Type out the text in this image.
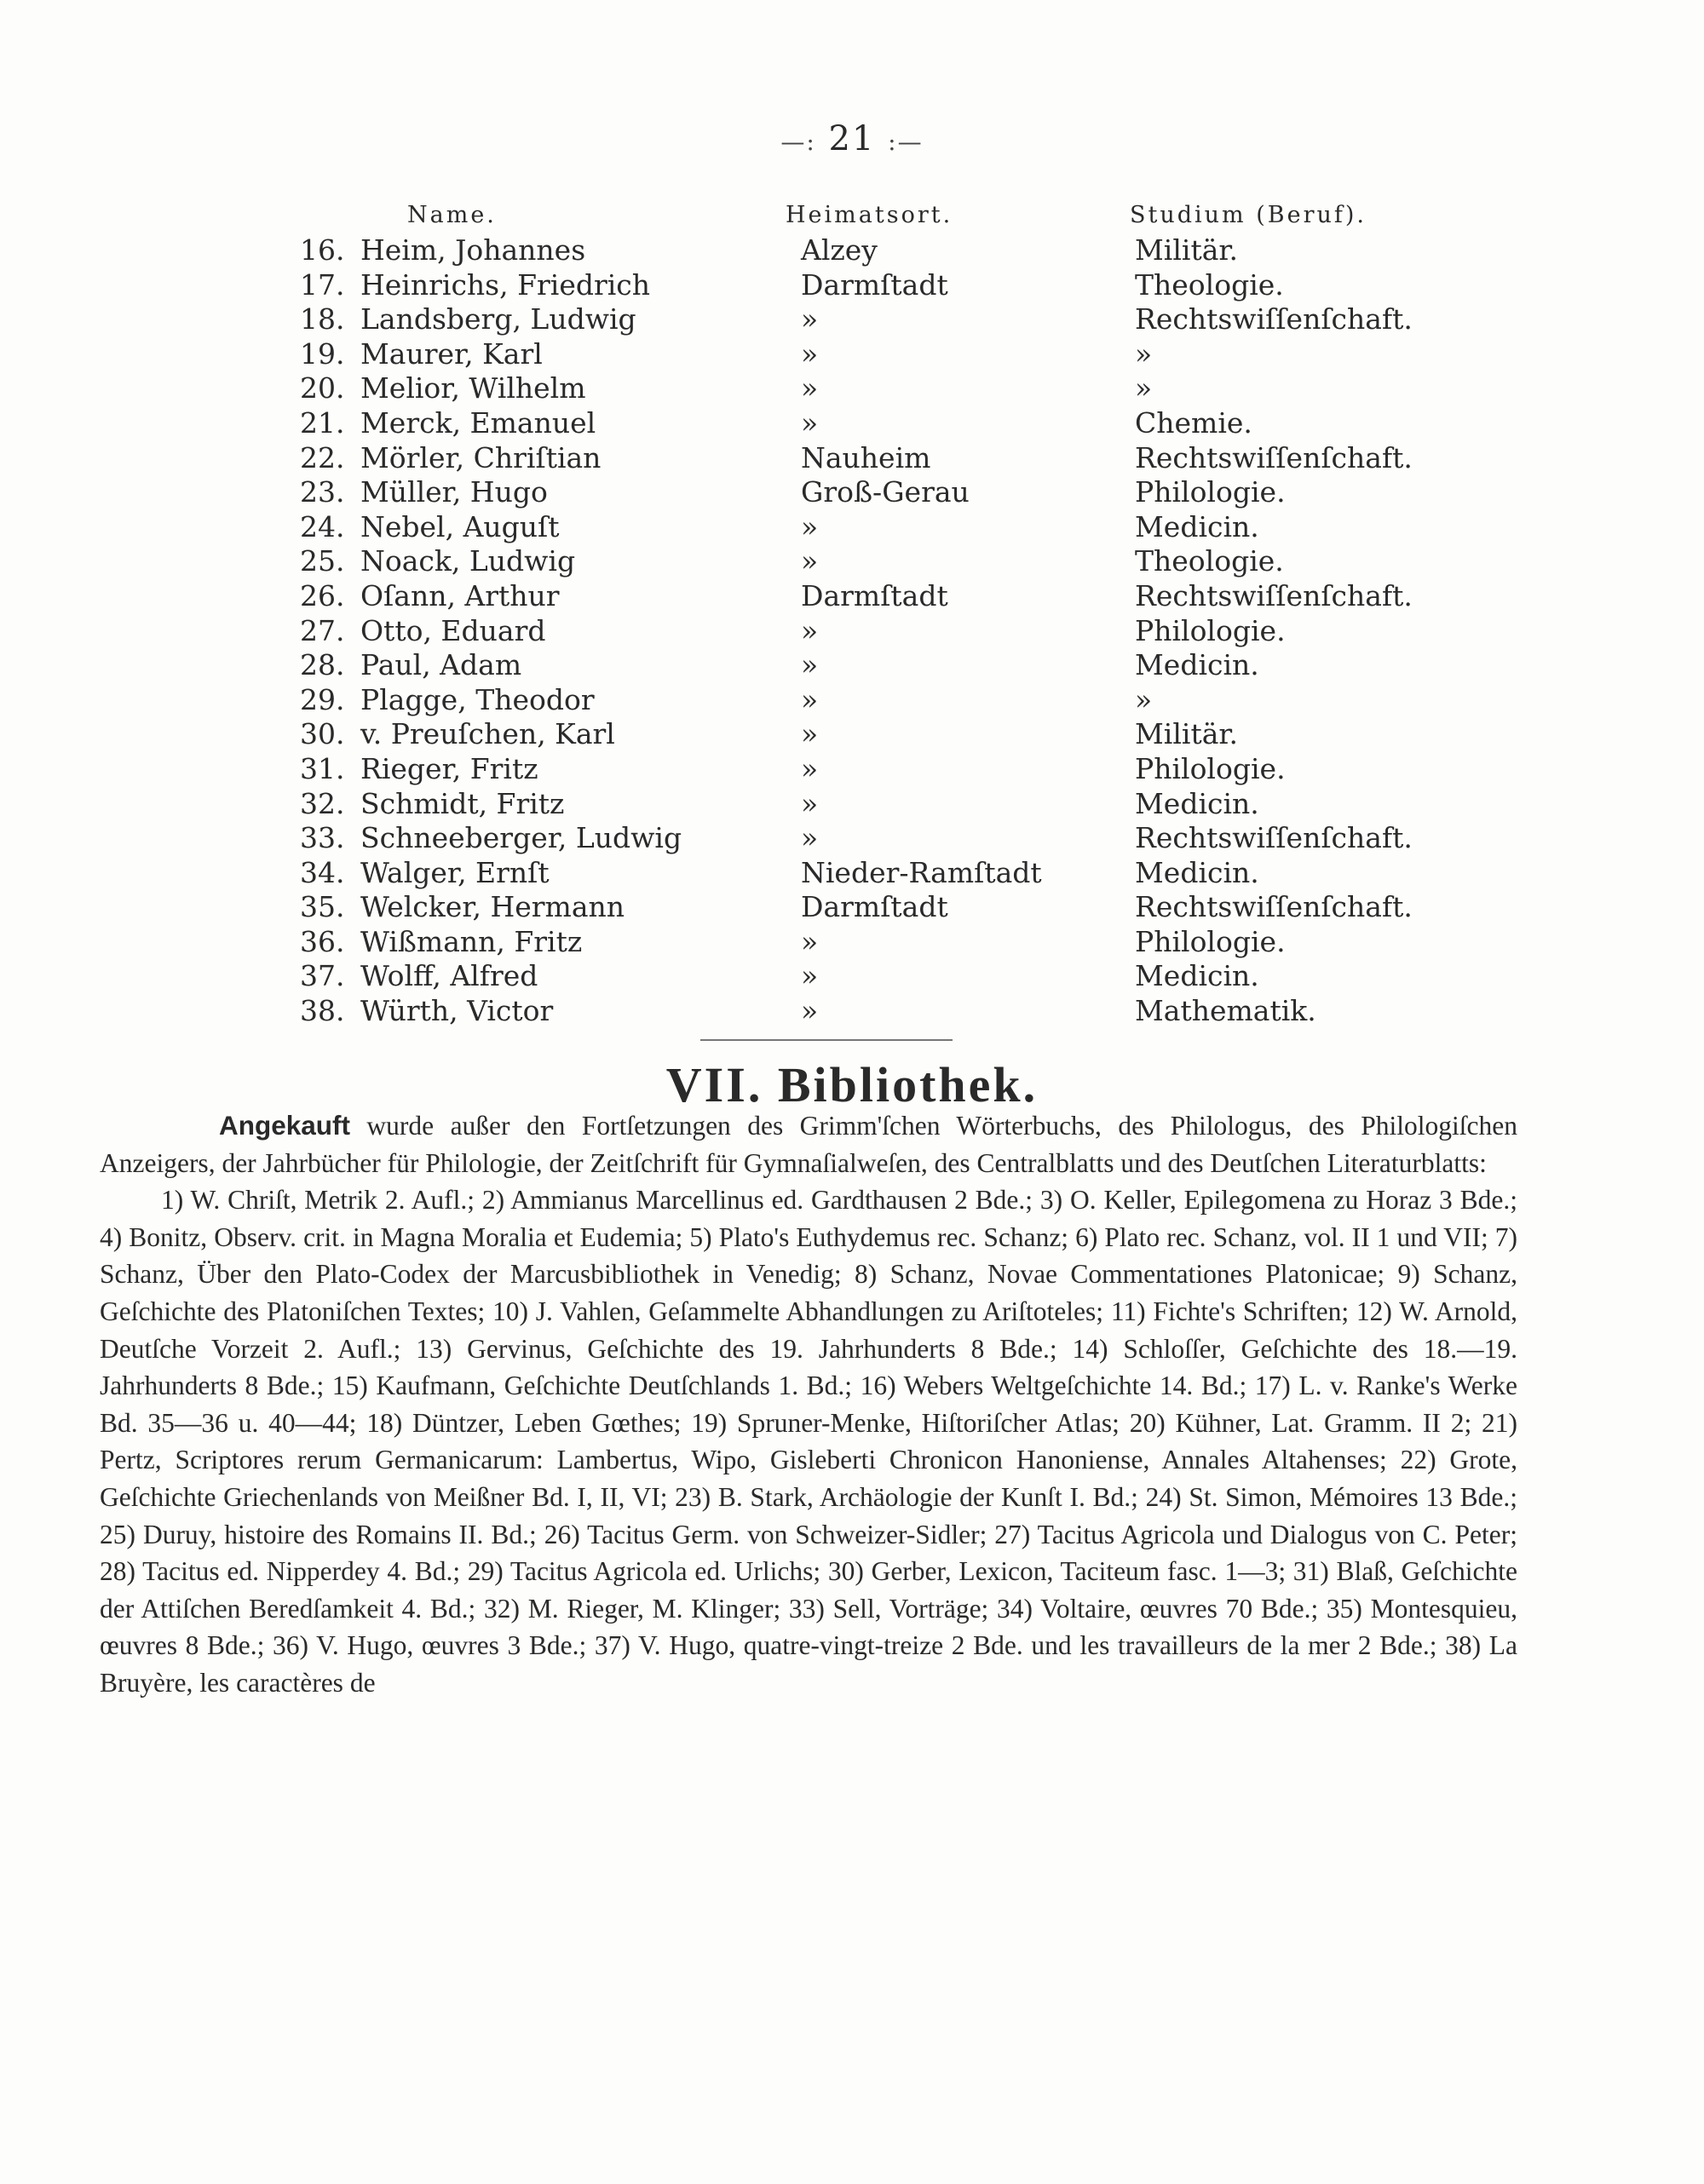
—: 21 :—
Name.	Heimatsort.	Studium (Beruf).
16. Heim, Johannes	Alzey	Militär.
17. Heinrichs, Friedrich	Darmſtadt	Theologie.
18. Landsberg, Ludwig	»	Rechtswiſſenſchaft.
19. Maurer, Karl	»	»
20. Melior, Wilhelm	»	»
21. Merck, Emanuel	»	Chemie.
22. Mörler, Chriſtian	Nauheim	Rechtswiſſenſchaft.
23. Müller, Hugo	Groß-Gerau	Philologie.
24. Nebel, Auguſt	»	Medicin.
25. Noack, Ludwig	»	Theologie.
26. Oſann, Arthur	Darmſtadt	Rechtswiſſenſchaft.
27. Otto, Eduard	»	Philologie.
28. Paul, Adam	»	Medicin.
29. Plagge, Theodor	»	»
30. v. Preuſchen, Karl	»	Militär.
31. Rieger, Fritz	»	Philologie.
32. Schmidt, Fritz	»	Medicin.
33. Schneeberger, Ludwig	»	Rechtswiſſenſchaft.
34. Walger, Ernſt	Nieder-Ramſtadt	Medicin.
35. Welcker, Hermann	Darmſtadt	Rechtswiſſenſchaft.
36. Wißmann, Fritz	»	Philologie.
37. Wolff, Alfred	»	Medicin.
38. Würth, Victor	»	Mathematik.
VII. Bibliothek.

Angekauft wurde außer den Fortſetzungen des Grimm'ſchen Wörterbuchs, des Philologus, des Philologiſchen Anzeigers, der Jahrbücher für Philologie, der Zeitſchrift für Gymnaſialweſen, des Centralblatts und des Deutſchen Literaturblatts:

1) W. Chriſt, Metrik 2. Aufl.; 2) Ammianus Marcellinus ed. Gardthausen 2 Bde.; 3) O. Keller, Epilegomena zu Horaz 3 Bde.; 4) Bonitz, Observ. crit. in Magna Moralia et Eudemia; 5) Plato's Euthydemus rec. Schanz; 6) Plato rec. Schanz, vol. II 1 und VII; 7) Schanz, Über den Plato-Codex der Marcusbibliothek in Venedig; 8) Schanz, Novae Commentationes Platonicae; 9) Schanz, Geſchichte des Platoniſchen Textes; 10) J. Vahlen, Geſammelte Abhandlungen zu Ariſtoteles; 11) Fichte's Schriften; 12) W. Arnold, Deutſche Vorzeit 2. Aufl.; 13) Gervinus, Geſchichte des 19. Jahrhunderts 8 Bde.; 14) Schloſſer, Geſchichte des 18.—19. Jahrhunderts 8 Bde.; 15) Kaufmann, Geſchichte Deutſchlands 1. Bd.; 16) Webers Weltgeſchichte 14. Bd.; 17) L. v. Ranke's Werke Bd. 35—36 u. 40—44; 18) Düntzer, Leben Gœthes; 19) Spruner-Menke, Hiſtoriſcher Atlas; 20) Kühner, Lat. Gramm. II 2; 21) Pertz, Scriptores rerum Germanicarum: Lambertus, Wipo, Gisleberti Chronicon Hanoniense, Annales Altahenses; 22) Grote, Geſchichte Griechenlands von Meißner Bd. I, II, VI; 23) B. Stark, Archäologie der Kunſt I. Bd.; 24) St. Simon, Mémoires 13 Bde.; 25) Duruy, histoire des Romains II. Bd.; 26) Tacitus Germ. von Schweizer-Sidler; 27) Tacitus Agricola und Dialogus von C. Peter; 28) Tacitus ed. Nipperdey 4. Bd.; 29) Tacitus Agricola ed. Urlichs; 30) Gerber, Lexicon, Taciteum fasc. 1—3; 31) Blaß, Geſchichte der Attiſchen Beredſamkeit 4. Bd.; 32) M. Rieger, M. Klinger; 33) Sell, Vorträge; 34) Voltaire, œuvres 70 Bde.; 35) Montesquieu, œuvres 8 Bde.; 36) V. Hugo, œuvres 3 Bde.; 37) V. Hugo, quatre-vingt-treize 2 Bde. und les travailleurs de la mer 2 Bde.; 38) La Bruyère, les caractères de
